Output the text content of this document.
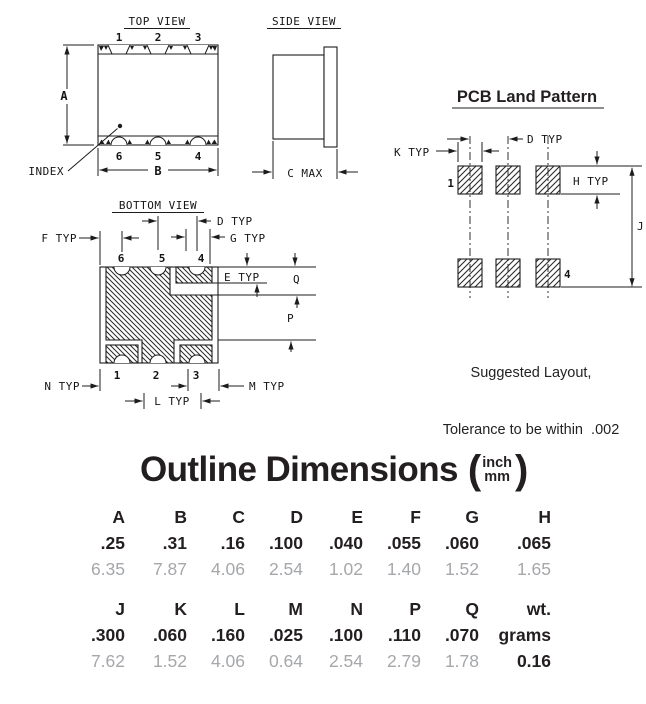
TOP VIEW
1	2	3
6	5	4
A
B
INDEX
SIDE VIEW
C MAX
PCB Land Pattern
K TYP
D TYP
H TYP
J
1
4
BOTTOM VIEW
6	5	4
1	2	3
F TYP
D TYP
G TYP
E TYP	Q
P
N TYP	M TYP
L TYP

Suggested Layout,

Tolerance to be within  .002

Outline Dimensions ( inch
mm )
A	B	C	D	E	F	G	H
.25	.31	.16	.100	.040	.055	.060	.065
6.35	7.87	4.06	2.54	1.02	1.40	1.52	1.65
J	K	L	M	N	P	Q	wt.
.300	.060	.160	.025	.100	.110	.070	grams
7.62	1.52	4.06	0.64	2.54	2.79	1.78	0.16
